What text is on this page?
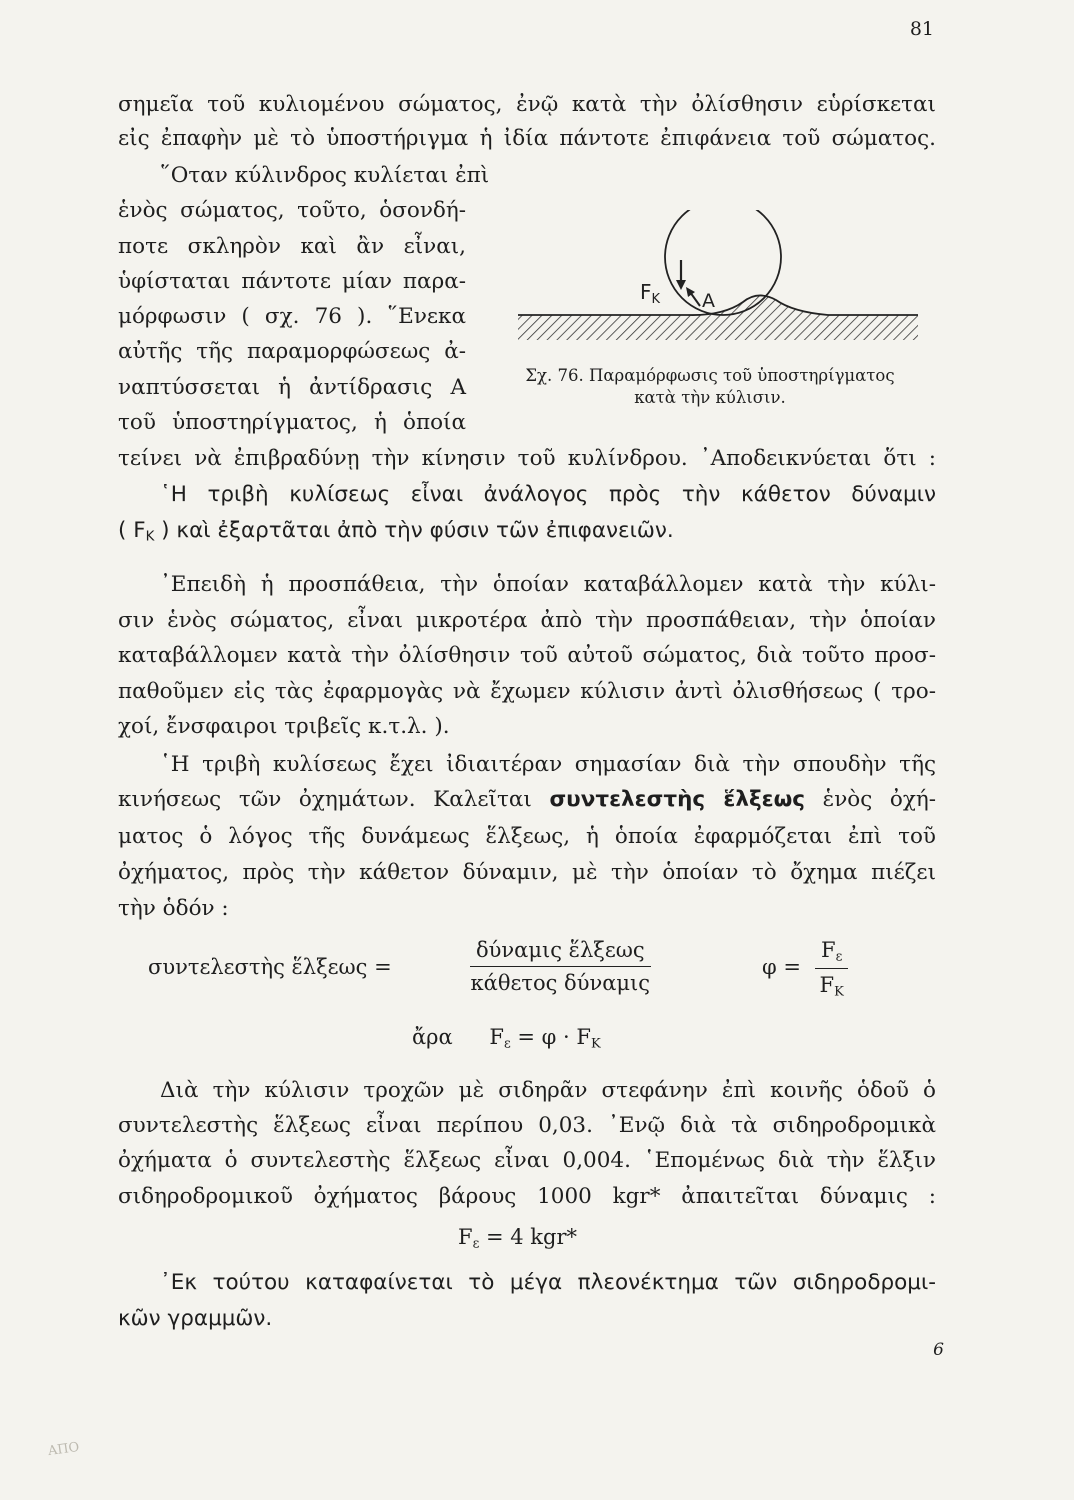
81
σημεῖα τοῦ κυλιομένου σώματος, ἐνῷ κατὰ τὴν ὀλίσθησιν εὑρίσκεται
εἰς ἐπαφὴν μὲ τὸ ὑποστήριγμα ἡ ἰδία πάντοτε ἐπιφάνεια τοῦ σώματος.
῞Οταν κύλινδρος κυλίεται ἐπὶ
ἑνὸς σώματος, τοῦτο, ὁσονδή-
ποτε σκληρὸν καὶ ἂν εἶναι,
ὑφίσταται πάντοτε μίαν παρα-
μόρφωσιν ( σχ. 76 ). ῞Ενεκα
αὐτῆς τῆς παραμορφώσεως ἀ-
ναπτύσσεται ἡ ἀντίδρασις Α
τοῦ ὑποστηρίγματος, ἡ ὁποία
τείνει νὰ ἐπιβραδύνῃ τὴν κίνησιν τοῦ κυλίνδρου. ᾿Αποδεικνύεται ὅτι :
$F_K$ A
Σχ. 76. Παραμόρφωσις τοῦ ὑποστηρίγματος
κατὰ τὴν κύλισιν.
῾Η τριβὴ κυλίσεως εἶναι ἀνάλογος πρὸς τὴν κάθετον δύναμιν
( $F_K$ ) καὶ ἐξαρτᾶται ἀπὸ τὴν φύσιν τῶν ἐπιφανειῶν.
᾿Επειδὴ ἡ προσπάθεια, τὴν ὁποίαν καταβάλλομεν κατὰ τὴν κύλι-
σιν ἑνὸς σώματος, εἶναι μικροτέρα ἀπὸ τὴν προσπάθειαν, τὴν ὁποίαν
καταβάλλομεν κατὰ τὴν ὀλίσθησιν τοῦ αὐτοῦ σώματος, διὰ τοῦτο προσ-
παθοῦμεν εἰς τὰς ἐφαρμογὰς νὰ ἔχωμεν κύλισιν ἀντὶ ὀλισθήσεως ( τρο-
χοί, ἔνσφαιροι τριβεῖς κ.τ.λ. ).
῾Η τριβὴ κυλίσεως ἔχει ἰδιαιτέραν σημασίαν διὰ τὴν σπουδὴν τῆς
κινήσεως τῶν ὀχημάτων. Καλεῖται συντελεστὴς ἕλξεως ἑνὸς ὀχή-
ματος ὁ λόγος τῆς δυνάμεως ἕλξεως, ἡ ὁποία ἐφαρμόζεται ἐπὶ τοῦ
ὀχήματος, πρὸς τὴν κάθετον δύναμιν, μὲ τὴν ὁποίαν τὸ ὄχημα πιέζει
τὴν ὁδόν :
συντελεστὴς ἕλξεως =
δύναμις ἕλξεως
κάθετος δύναμις
$\varphi = \frac{F_\varepsilon}{F_K}$
ἄρα $F_\varepsilon = \varphi \cdot F_K$
Διὰ τὴν κύλισιν τροχῶν μὲ σιδηρᾶν στεφάνην ἐπὶ κοινῆς ὁδοῦ ὁ
συντελεστὴς ἕλξεως εἶναι περίπου 0,03. ᾿Ενῷ διὰ τὰ σιδηροδρομικὰ
ὀχήματα ὁ συντελεστὴς ἕλξεως εἶναι 0,004. ῾Επομένως διὰ τὴν ἕλξιν
σιδηροδρομικοῦ ὀχήματος βάρους 1000 kgr* ἀπαιτεῖται δύναμις :
$F_\varepsilon = 4$ kgr*
᾿Εκ τούτου καταφαίνεται τὸ μέγα πλεονέκτημα τῶν σιδηροδρομι-
κῶν γραμμῶν.
6
ΑΠΟ
